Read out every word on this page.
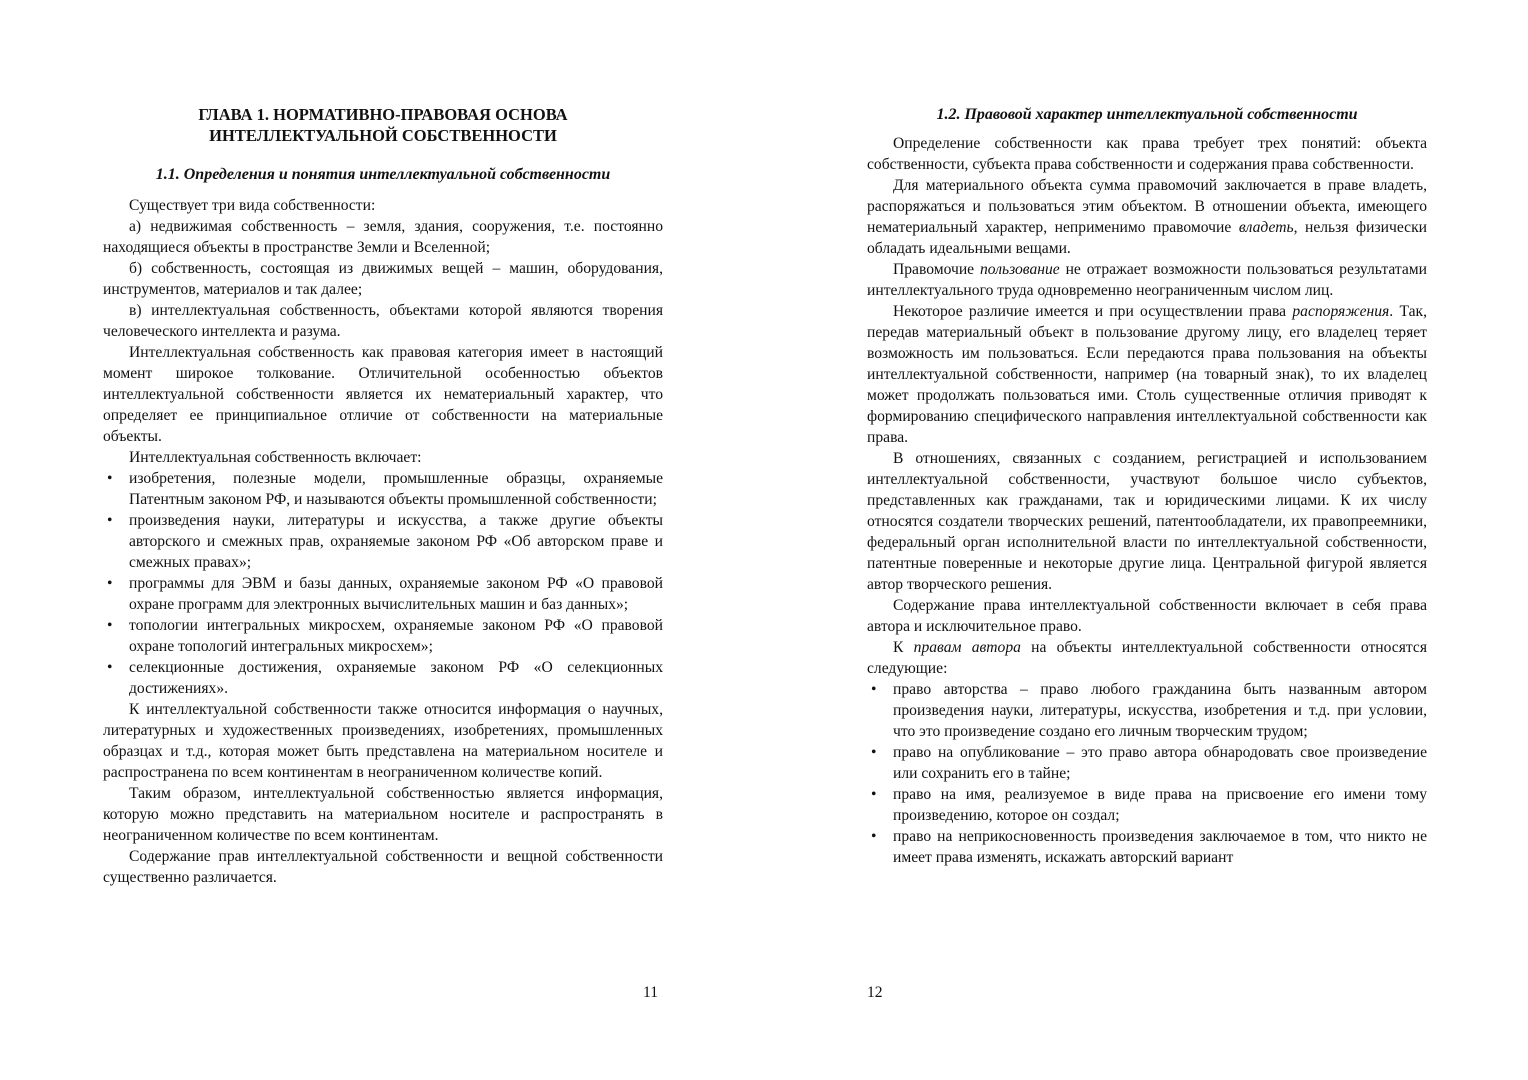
ГЛАВА 1. НОРМАТИВНО-ПРАВОВАЯ ОСНОВА
ИНТЕЛЛЕКТУАЛЬНОЙ СОБСТВЕННОСТИ
1.1. Определения и понятия интеллектуальной собственности

Существует три вида собственности:

а) недвижимая собственность – земля, здания, сооружения, т.е. постоянно находящиеся объекты в пространстве Земли и Вселенной;

б) собственность, состоящая из движимых вещей – машин, оборудования, инструментов, материалов и так далее;

в) интеллектуальная собственность, объектами которой являются творения человеческого интеллекта и разума.

Интеллектуальная собственность как правовая категория имеет в настоящий момент широкое толкование. Отличительной особенностью объектов интеллектуальной собственности является их нематериальный характер, что определяет ее принципиальное отличие от собственности на материальные объекты.

Интеллектуальная собственность включает:

• изобретения, полезные модели, промышленные образцы, охраняемые Патентным законом РФ, и называются объекты промышленной собственности;
• произведения науки, литературы и искусства, а также другие объекты авторского и смежных прав, охраняемые законом РФ «Об авторском праве и смежных правах»;
• программы для ЭВМ и базы данных, охраняемые законом РФ «О правовой охране программ для электронных вычислительных машин и баз данных»;
• топологии интегральных микросхем, охраняемые законом РФ «О правовой охране топологий интегральных микросхем»;
• селекционные достижения, охраняемые законом РФ «О селекционных достижениях».

К интеллектуальной собственности также относится информация о научных, литературных и художественных произведениях, изобретениях, промышленных образцах и т.д., которая может быть представлена на материальном носителе и распространена по всем континентам в неограниченном количестве копий.

Таким образом, интеллектуальной собственностью является информация, которую можно представить на материальном носителе и распространять в неограниченном количестве по всем континентам.

Содержание прав интеллектуальной собственности и вещной собственности существенно различается.

11
1.2. Правовой характер интеллектуальной собственности

Определение собственности как права требует трех понятий: объекта собственности, субъекта права собственности и содержания права собственности.

Для материального объекта сумма правомочий заключается в праве владеть, распоряжаться и пользоваться этим объектом. В отношении объекта, имеющего нематериальный характер, неприменимо правомочие владеть, нельзя физически обладать идеальными вещами.

Правомочие пользование не отражает возможности пользоваться результатами интеллектуального труда одновременно неограниченным числом лиц.

Некоторое различие имеется и при осуществлении права распоряжения. Так, передав материальный объект в пользование другому лицу, его владелец теряет возможность им пользоваться. Если передаются права пользования на объекты интеллектуальной собственности, например (на товарный знак), то их владелец может продолжать пользоваться ими. Столь существенные отличия приводят к формированию специфического направления интеллектуальной собственности как права.

В отношениях, связанных с созданием, регистрацией и использованием интеллектуальной собственности, участвуют большое число субъектов, представленных как гражданами, так и юридическими лицами. К их числу относятся создатели творческих решений, патентообладатели, их правопреемники, федеральный орган исполнительной власти по интеллектуальной собственности, патентные поверенные и некоторые другие лица. Центральной фигурой является автор творческого решения.

Содержание права интеллектуальной собственности включает в себя права автора и исключительное право.

К правам автора на объекты интеллектуальной собственности относятся следующие:

• право авторства – право любого гражданина быть названным автором произведения науки, литературы, искусства, изобретения и т.д. при условии, что это произведение создано его личным творческим трудом;
• право на опубликование – это право автора обнародовать свое произведение или сохранить его в тайне;
• право на имя, реализуемое в виде права на присвоение его имени тому произведению, которое он создал;
• право на неприкосновенность произведения заключаемое в том, что никто не имеет права изменять, искажать авторский вариант
12
